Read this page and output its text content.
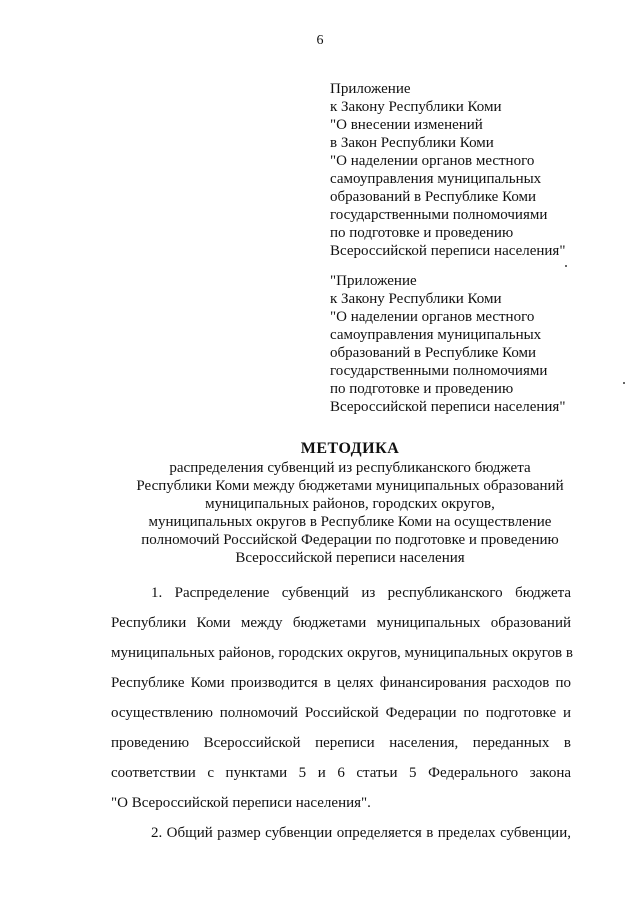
6
Приложение
к Закону Республики Коми
"О внесении изменений
в Закон Республики Коми
"О наделении органов местного
самоуправления муниципальных
образований в Республике Коми
государственными полномочиями
по подготовке и проведению
Всероссийской переписи населения"
"Приложение
к Закону Республики Коми
"О наделении органов местного
самоуправления муниципальных
образований в Республике Коми
государственными полномочиями
по подготовке и проведению
Всероссийской переписи населения"
МЕТОДИКА
распределения субвенций из республиканского бюджета
Республики Коми между бюджетами муниципальных образований
муниципальных районов, городских округов,
муниципальных округов в Республике Коми на осуществление
полномочий Российской Федерации по подготовке и проведению
Всероссийской переписи населения
1. Распределение субвенций из республиканского бюджета
Республики Коми между бюджетами муниципальных образований
муниципальных районов, городских округов, муниципальных округов в
Республике Коми производится в целях финансирования расходов по
осуществлению полномочий Российской Федерации по подготовке и
проведению Всероссийской переписи населения, переданных в
соответствии с пунктами 5 и 6 статьи 5 Федерального закона
"О Всероссийской переписи населения".
2. Общий размер субвенции определяется в пределах субвенции,
